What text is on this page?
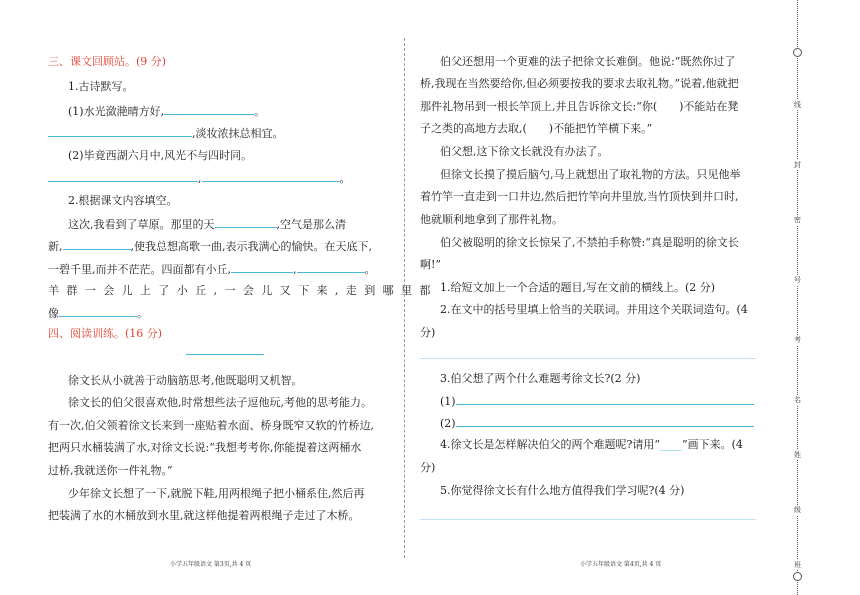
三、课文回顾站。(9 分)
1.古诗默写。
(1)水光潋滟晴方好,	。
,淡妆浓抹总相宜。
(2)毕竟西湖六月中,风光不与四时同。
,	。
2.根据课文内容填空。
这次,我看到了草原。那里的天	,空气是那么清
新,	,使我总想高歌一曲,表示我满心的愉快。在天底下,
一碧千里,而并不茫茫。四面都有小丘,	,	。
羊群一会儿上了小丘,一会儿又下来,走到哪里都
像	。
四、阅读训练。(16 分)
徐文长从小就善于动脑筋思考,他既聪明又机智。
徐文长的伯父很喜欢他,时常想些法子逗他玩,考他的思考能力。
有一次,伯父领着徐文长来到一座贴着水面、桥身既窄又软的竹桥边,
把两只水桶装满了水,对徐文长说:“我想考考你,你能提着这两桶水
过桥,我就送你一件礼物。”
少年徐文长想了一下,就脱下鞋,用两根绳子把小桶系住,然后再
把装满了水的木桶放到水里,就这样他提着两根绳子走过了木桥。
小学五年级语文 第3页,共 4 页
伯父还想用一个更难的法子把徐文长难倒。他说:“既然你过了
桥,我现在当然要给你,但必须要按我的要求去取礼物。”说着,他就把
那件礼物吊到一根长竿顶上,并且告诉徐文长:“你( )不能站在凳
子之类的高地方去取,( )不能把竹竿横下来。”
伯父想,这下徐文长就没有办法了。
但徐文长摸了摸后脑勺,马上就想出了取礼物的方法。只见他举
着竹竿一直走到一口井边,然后把竹竿向井里放,当竹顶快到井口时,
他就顺利地拿到了那件礼物。
伯父被聪明的徐文长惊呆了,不禁拍手称赞:“真是聪明的徐文长
啊!”
1.给短文加上一个合适的题目,写在文前的横线上。(2 分)
2.在文中的括号里填上恰当的关联词。并用这个关联词造句。(4
分)
3.伯父想了两个什么难题考徐文长?(2 分)
(1)
(2)
4.徐文长是怎样解决伯父的两个难题呢?请用“____”画下来。(4
分)
5.你觉得徐文长有什么地方值得我们学习呢?(4 分)
小学五年级语文 第4页,共 4 页
线
封
密
号
考
名
姓
级
班
